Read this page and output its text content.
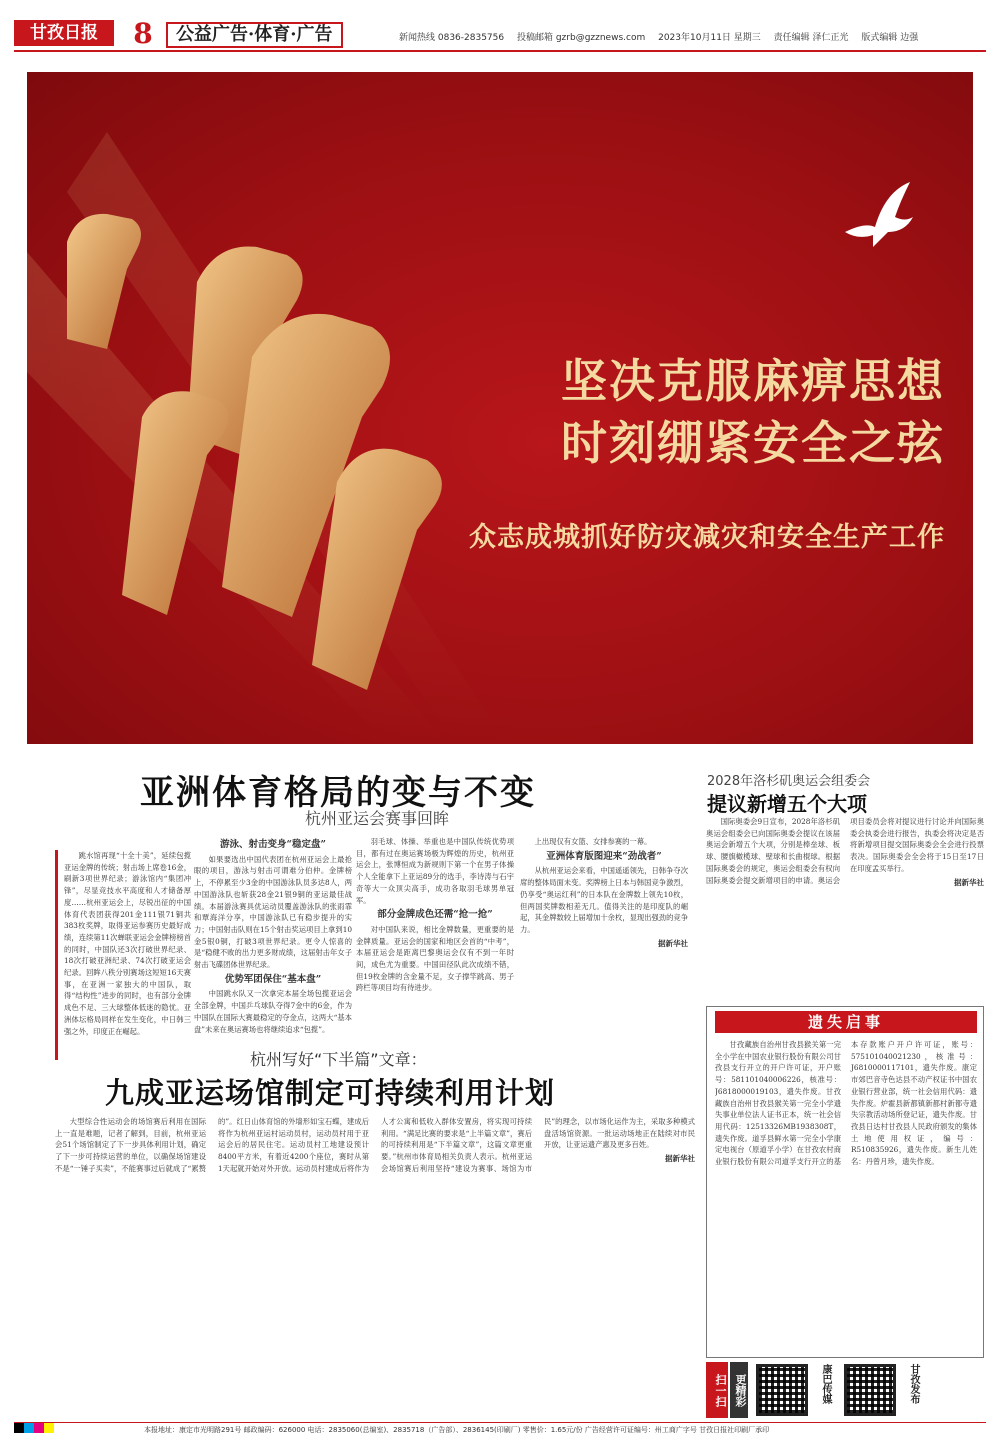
甘孜日报	8	公益广告·体育·广告	新闻热线 0836-2835756 投稿邮箱 gzrb@gzznews.com 2023年10月11日 星期三 责任编辑 泽仁正光 版式编辑 边强
坚决克服麻痹思想
时刻绷紧安全之弦
众志成城抓好防灾减灾和安全生产工作
亚洲体育格局的变与不变
杭州亚运会赛事回眸

跳水馆再现“十全十美”，延续包揽亚运金牌的传统；射击场上席卷16金，刷新3项世界纪录；游泳馆内“集团冲锋”，尽显竞技水平高度和人才储备厚度……杭州亚运会上，尽锐出征的中国体育代表团获得201金111银71铜共383枚奖牌，取得亚运参赛历史最好成绩，连续第11次蝉联亚运会金牌榜榜首的同时，中国队还3次打破世界纪录、18次打破亚洲纪录、74次打破亚运会纪录。回眸八秩分别赛场这短短16天赛事，在亚洲一家独大的中国队，取得“结构性”进步的同时，也有部分金牌成色不足、三大球整体低迷的隐忧。亚洲体坛格局同样在发生变化，中日韩三强之外，印度正在崛起。

游泳、射击变身“稳定盘”

如果要选出中国代表团在杭州亚运会上最抢眼的项目，游泳与射击可谓难分伯仲。金牌榜上，不停累至少3金的中国游泳队员多达8人，两中国游泳队也斩获28金21银9铜的亚运最佳战绩。本届游泳赛具优运动员覆盖游泳队的张雨霏和覃海洋分享，中国游泳队已有稳步提升的实力；中国射击队则在15个射击奖运项目上拿到10金5银0铜，打破3项世界纪录。更令人惊喜的是“稳健不败的出力更多财成绩，这届射击年女子射击飞碟团体世界纪录。

优势军团保住“基本盘”

中国跳水队又一次拿完本届全场包揽亚运会全部金牌，中国乒乓球队夺得7金中的6金，作为中国队在国际大赛最稳定的夺金点，这两大“基本盘”未来在奥运赛场也将继续追求“包揽”。

羽毛球、体操、举重也是中国队传统优势项目，都有过在奥运赛场极为辉煌的历史，杭州亚运会上，张博恒成为新规则下第一个在男子体操个人全能拿下上亚运89分的选手，李诗涛与石宇奇等大一众顶尖高手，成功各取羽毛球男单冠军。

部分金牌成色还需“抢一抢”

对中国队来说，相比金牌数量，更重要的是金牌质量。亚运会的国家和地区会首的“中考”，本届亚运会是距离巴黎奥运会仅有不到一年时间，成色尤为重要。中国田径队此次成绩不错，但19枚金牌的含金量不足，女子撑竿跳高、男子跨栏等项目均有待进步。

上出现仅有女篮、女排参赛的一幕。

亚洲体育版图迎来“劲战者”

从杭州亚运会来看，中国遥遥领先，日韩争夺次席的整体局面未变。奖牌榜上日本与韩国竞争激烈，仍享受“奥运红利”的日本队在金牌数上领先10枚，但两国奖牌数相差无几。值得关注的是印度队的崛起，其金牌数较上届增加十余枚，显现出强劲的竞争力。

据新华社
2028年洛杉矶奥运会组委会
提议新增五个大项

国际奥委会9日宣布，2028年洛杉矶奥运会组委会已向国际奥委会提议在该届奥运会新增五个大项，分别是棒垒球、板球、腰旗橄榄球、壁球和长曲棍球。根据国际奥委会的规定，奥运会组委会有权向国际奥委会提交新增项目的申请。奥运会项目委员会将对提议进行讨论并向国际奥委会执委会进行报告，执委会将决定是否将新增项目提交国际奥委会全会进行投票表决。国际奥委会全会将于15日至17日在印度孟买举行。

据新华社
遗失启事

甘孜藏族自治州甘孜县猴关第一完全小学在中国农业银行股份有限公司甘孜县支行开立的开户许可证，开户账号：581101040006226，核准号：J6818000019103，遗失作废。甘孜藏族自治州甘孜县猴关第一完全小学遗失事业单位法人证书正本，统一社会信用代码：12513326MB1938308T，遗失作废。道孚县鲜水第一完全小学康定电视台（原道孚小学）在甘孜农村商业银行股份有限公司道孚支行开立的基本存款账户开户许可证，账号：575101040021230，核准号：J6810000117101，遗失作废。康定市郊巴音寺色达县不动产权证书中国农业银行营业部，统一社会信用代码：遗失作废。炉霍县新都镇新都村新都寺遗失宗教活动场所登记证，遗失作废。甘孜县日达村甘孜县人民政府颁发的集体土地使用权证，编号：R510835926，遗失作废。新生儿姓名：丹曾月珍，遗失作废。

杭州写好“下半篇”文章：
九成亚运场馆制定可持续利用计划

大型综合性运动会的场馆赛后利用在国际上一直是难题，记者了解到，目前，杭州亚运会51个场馆制定了下一步具体利用计划，确定了下一步可持续运营的单位，以确保场馆建设不是“一锤子买卖”，不能赛事过后就成了“累赘的”。红日山体育馆的外墙形如宝石蝶，建成后将作为杭州亚运村运动员村，运动员村用于亚运会后的居民住宅。运动员村工地建设预计8400平方米，有着近4200个座位，赛时从第1天起就开始对外开放。运动员村建成后将作为人才公寓和低收入群体安置房，将实现可持续利用。“满足比赛的要求是“上半篇文章”，赛后的可持续利用是“下半篇文章”，这篇文章更重要。”杭州市体育局相关负责人表示。杭州亚运会场馆赛后利用坚持“建设为赛事、场馆为市民”的理念，以市场化运作为主，采取多种模式盘活场馆资源。一批运动场地正在陆续对市民开放，让亚运遗产惠及更多百姓。

据新华社
扫一扫 更精彩	康巴传媒	甘孜发布
本报地址：康定市光明路291号 邮政编码：626000 电话：2835060(总编室)、2835718（广告部）、2836145(印刷厂) 零售价：1.65元/份 广告经营许可证编号：州工商广字号 甘孜日报社印刷厂承印
